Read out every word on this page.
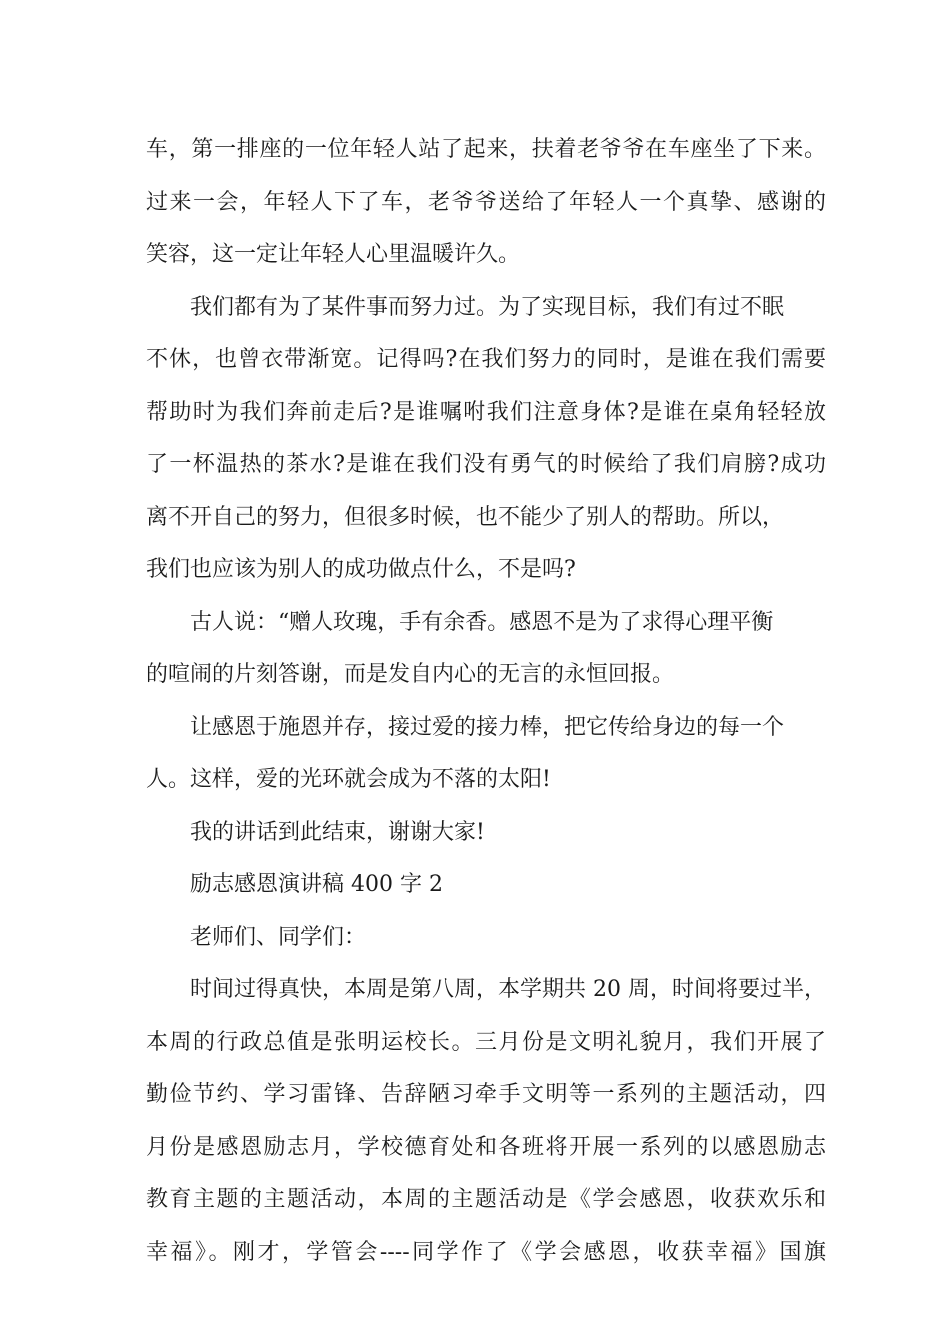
车，第一排座的一位年轻人站了起来，扶着老爷爷在车座坐了下来。
过来一会，年轻人下了车，老爷爷送给了年轻人一个真挚、感谢的
笑容，这一定让年轻人心里温暖许久。
我们都有为了某件事而努力过。为了实现目标，我们有过不眠
不休，也曾衣带渐宽。记得吗?在我们努力的同时，是谁在我们需要
帮助时为我们奔前走后?是谁嘱咐我们注意身体?是谁在桌角轻轻放
了一杯温热的茶水?是谁在我们没有勇气的时候给了我们肩膀?成功
离不开自己的努力，但很多时候，也不能少了别人的帮助。所以，
我们也应该为别人的成功做点什么，不是吗?
古人说：“赠人玫瑰，手有余香。感恩不是为了求得心理平衡
的喧闹的片刻答谢，而是发自内心的无言的永恒回报。
让感恩于施恩并存，接过爱的接力棒，把它传给身边的每一个
人。这样，爱的光环就会成为不落的太阳!
我的讲话到此结束，谢谢大家!
励志感恩演讲稿 400 字 2
老师们、同学们：
时间过得真快，本周是第八周，本学期共 20 周，时间将要过半，
本周的行政总值是张明运校长。三月份是文明礼貌月，我们开展了
勤俭节约、学习雷锋、告辞陋习牵手文明等一系列的主题活动，四
月份是感恩励志月，学校德育处和各班将开展一系列的以感恩励志
教育主题的主题活动，本周的主题活动是《学会感恩，收获欢乐和
幸福》。刚才，学管会----同学作了《学会感恩，收获幸福》国旗
